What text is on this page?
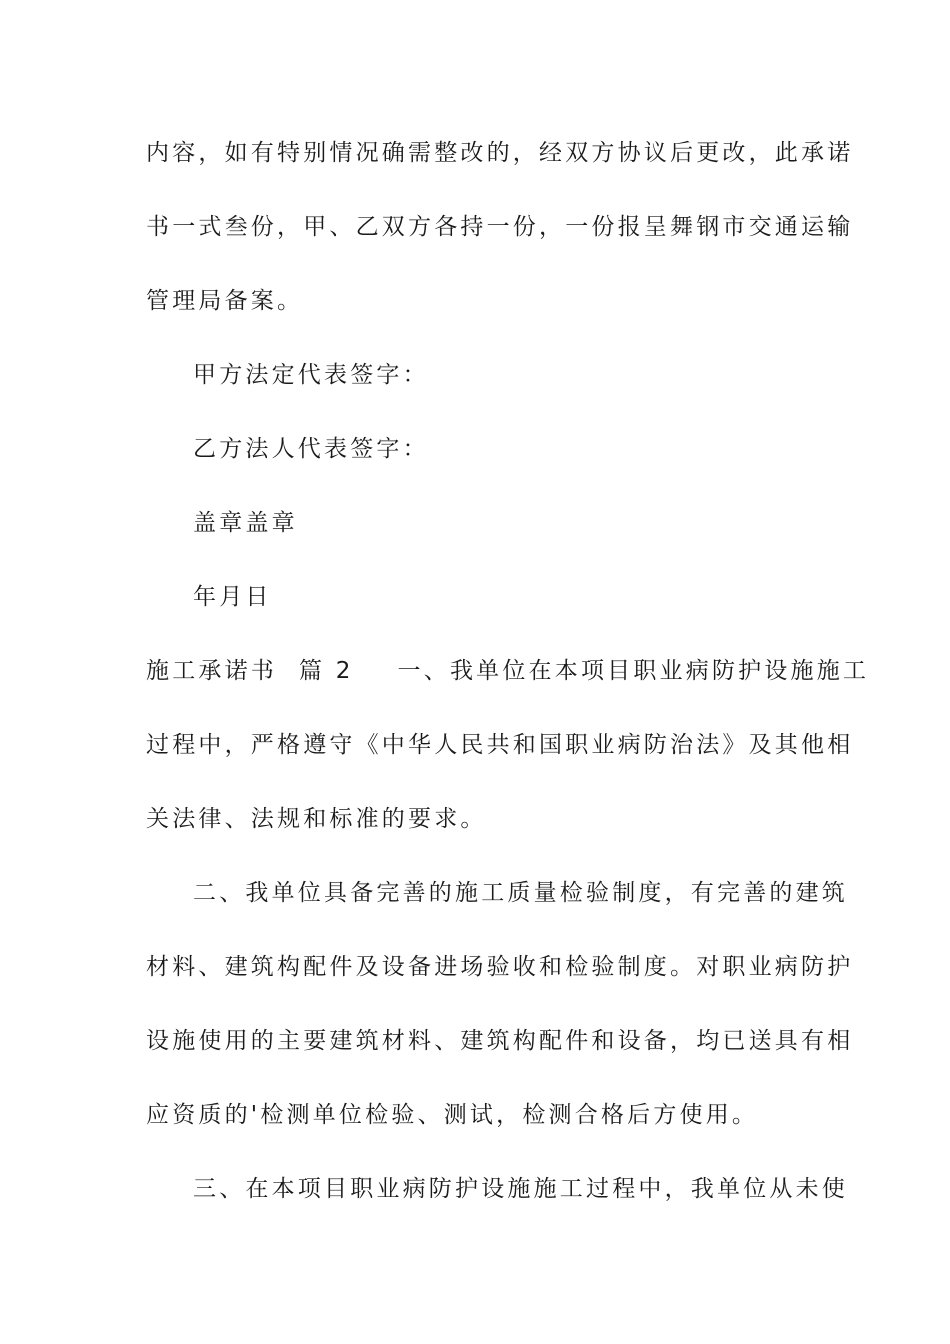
内容，如有特别情况确需整改的，经双方协议后更改，此承诺
书一式叁份，甲、乙双方各持一份，一份报呈舞钢市交通运输
管理局备案。
甲方法定代表签字：
乙方法人代表签字：
盖章盖章
年月日
施工承诺书 篇 2 一、我单位在本项目职业病防护设施施工
过程中，严格遵守《中华人民共和国职业病防治法》及其他相
关法律、法规和标准的要求。
二、我单位具备完善的施工质量检验制度，有完善的建筑
材料、建筑构配件及设备进场验收和检验制度。对职业病防护
设施使用的主要建筑材料、建筑构配件和设备，均已送具有相
应资质的'检测单位检验、测试，检测合格后方使用。
三、在本项目职业病防护设施施工过程中，我单位从未使
